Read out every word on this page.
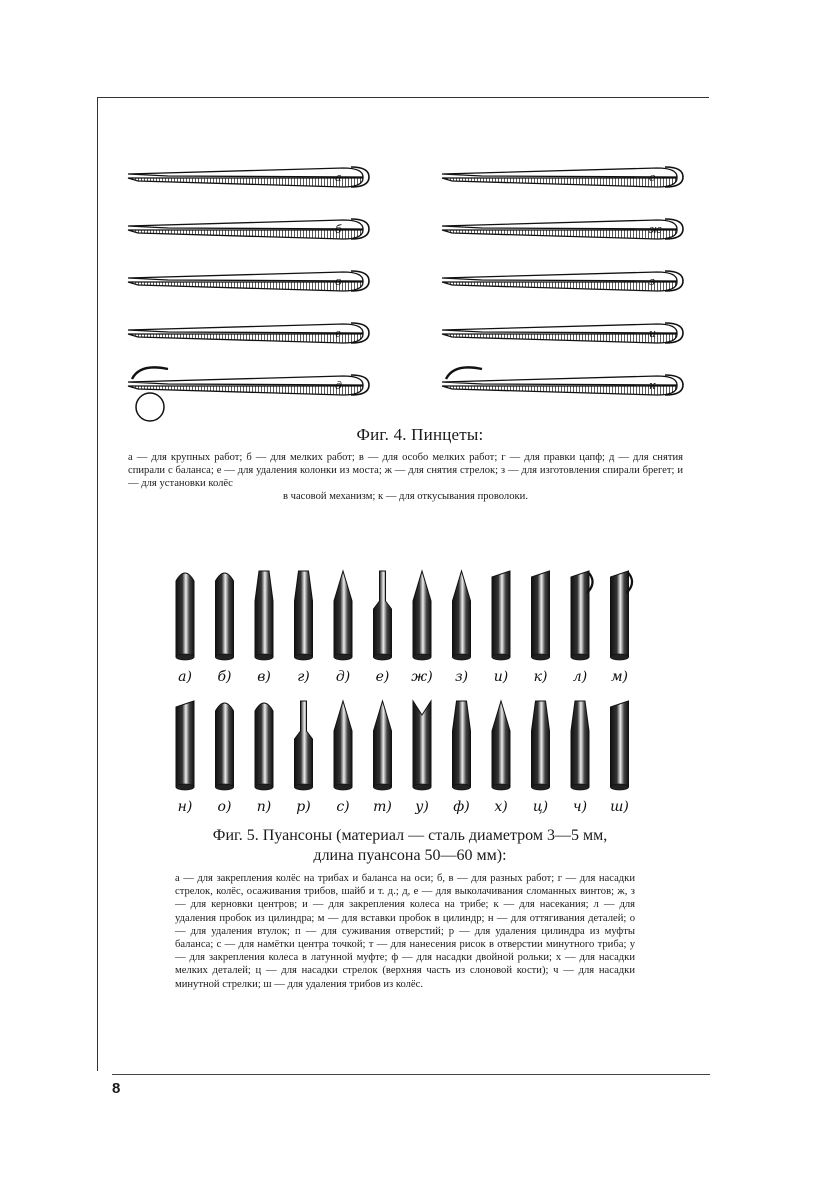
а
б
в
г
д
е
ж
з
и
к
Фиг. 4. Пинцеты:
а — для крупных работ; б — для мелких работ; в — для особо мелких работ; г — для правки цапф; д — для снятия спирали с баланса; е — для удаления колонки из моста; ж — для снятия стрелок; з — для изготовления спирали брегет; и — для установки колёс
в часовой механизм; к — для откусывания проволоки.
а) б) в) г) д) е) ж) з) и) к) л) м)
н) о) п) р) с) т) у) ф) х) ц) ч) ш)
Фиг. 5. Пуансоны (материал — сталь диаметром 3—5 мм,
длина пуансона 50—60 мм):
а — для закрепления колёс на трибах и баланса на оси; б, в — для разных работ; г — для насадки стрелок, колёс, осаживания трибов, шайб и т. д.; д, е — для выколачивания сломанных винтов; ж, з — для керновки центров; и — для закрепления колеса на трибе; к — для насекания; л — для удаления пробок из цилиндра; м — для вставки пробок в цилиндр; н — для оттягивания деталей; о — для удаления втулок; п — для суживания отверстий; р — для удаления цилиндра из муфты баланса; с — для намётки центра точкой; т — для нанесения рисок в отверстии минутного триба; у — для закрепления колеса в латунной муфте; ф — для насадки двойной рольки; х — для насадки мелких деталей; ц — для насадки стрелок (верхняя часть из слоновой кости); ч — для насадки минутной стрелки; ш — для удаления трибов из колёс.
8
